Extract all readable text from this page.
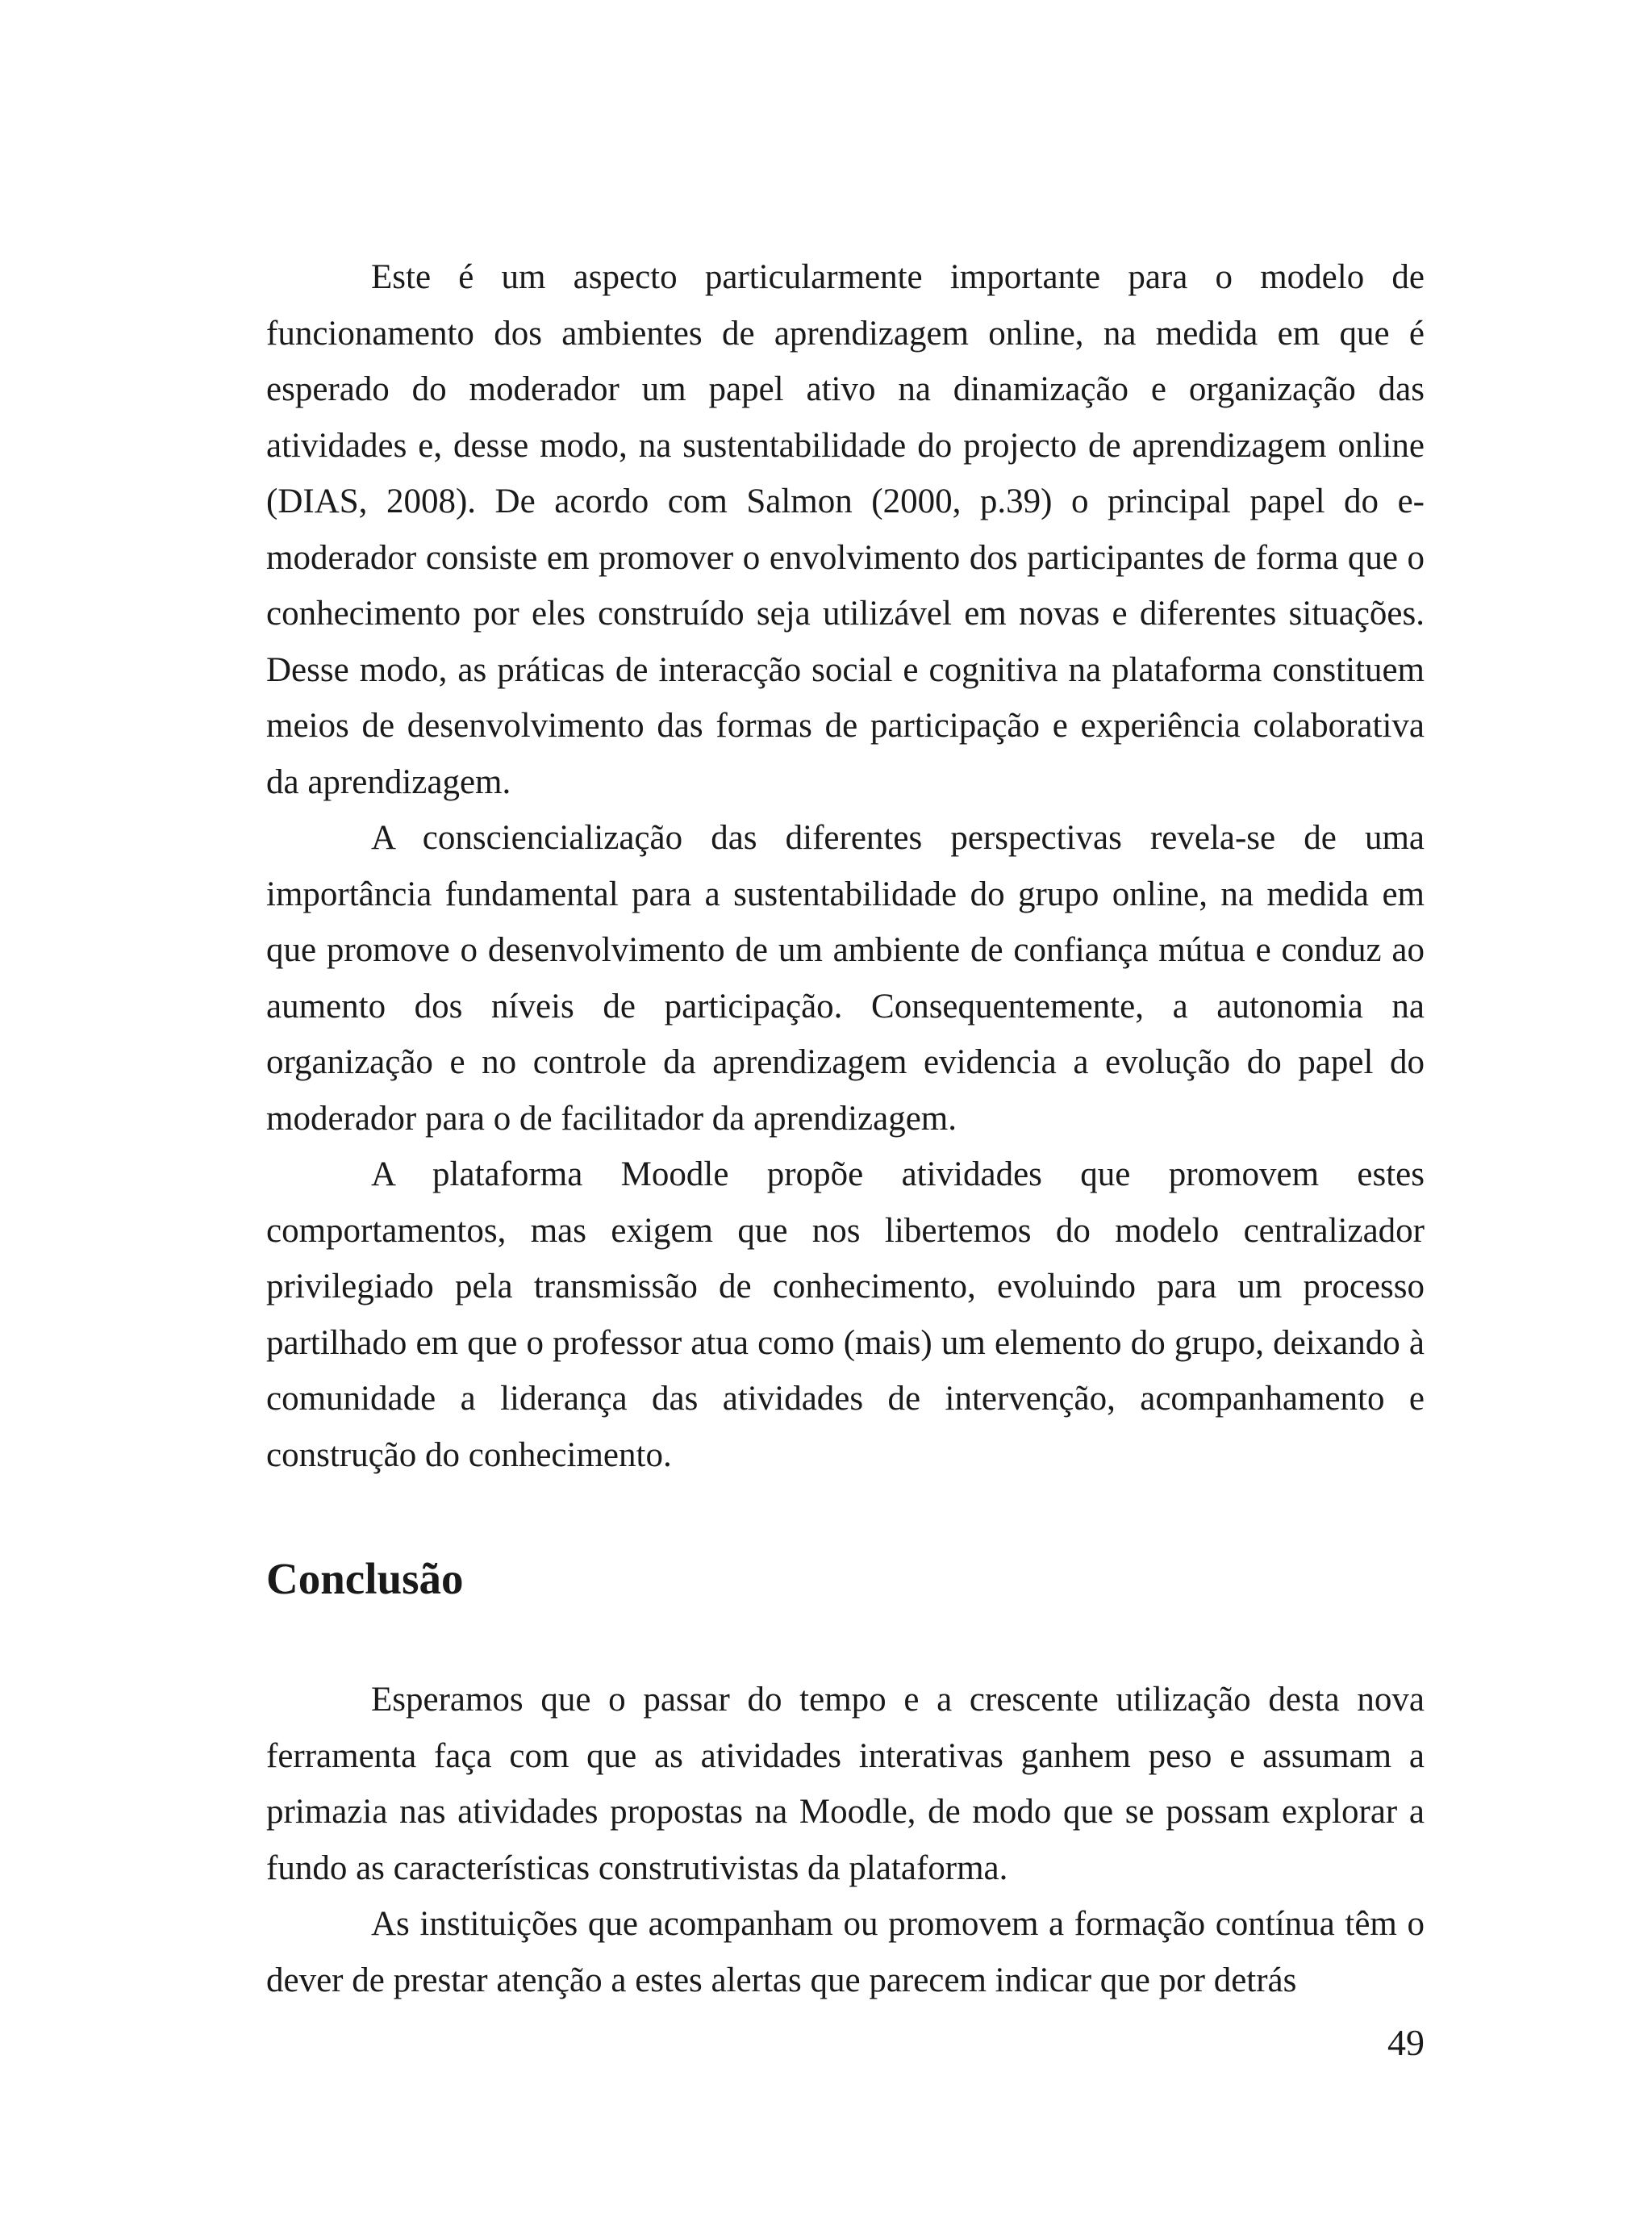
Este é um aspecto particularmente importante para o modelo de funcionamento dos ambientes de aprendizagem online, na medida em que é esperado do moderador um papel ativo na dinamização e organização das atividades e, desse modo, na sustentabilidade do projecto de aprendizagem online (DIAS, 2008). De acordo com Salmon (2000, p.39) o principal papel do e-moderador consiste em promover o envolvimento dos participantes de forma que o conhecimento por eles construído seja utilizável em novas e diferentes situações. Desse modo, as práticas de interacção social e cognitiva na plataforma constituem meios de desenvolvimento das formas de participação e experiência colaborativa da aprendizagem.

A consciencialização das diferentes perspectivas revela-se de uma importância fundamental para a sustentabilidade do grupo online, na medida em que promove o desenvolvimento de um ambiente de confiança mútua e conduz ao aumento dos níveis de participação. Consequentemente, a autonomia na organização e no controle da aprendizagem evidencia a evolução do papel do moderador para o de facilitador da aprendizagem.

A plataforma Moodle propõe atividades que promovem estes comportamentos, mas exigem que nos libertemos do modelo centralizador privilegiado pela transmissão de conhecimento, evoluindo para um processo partilhado em que o professor atua como (mais) um elemento do grupo, deixando à comunidade a liderança das atividades de intervenção, acompanhamento e construção do conhecimento.

Conclusão

Esperamos que o passar do tempo e a crescente utilização desta nova ferramenta faça com que as atividades interativas ganhem peso e assumam a primazia nas atividades propostas na Moodle, de modo que se possam explorar a fundo as características construtivistas da plataforma.

As instituições que acompanham ou promovem a formação contínua têm o dever de prestar atenção a estes alertas que parecem indicar que por detrás

49
